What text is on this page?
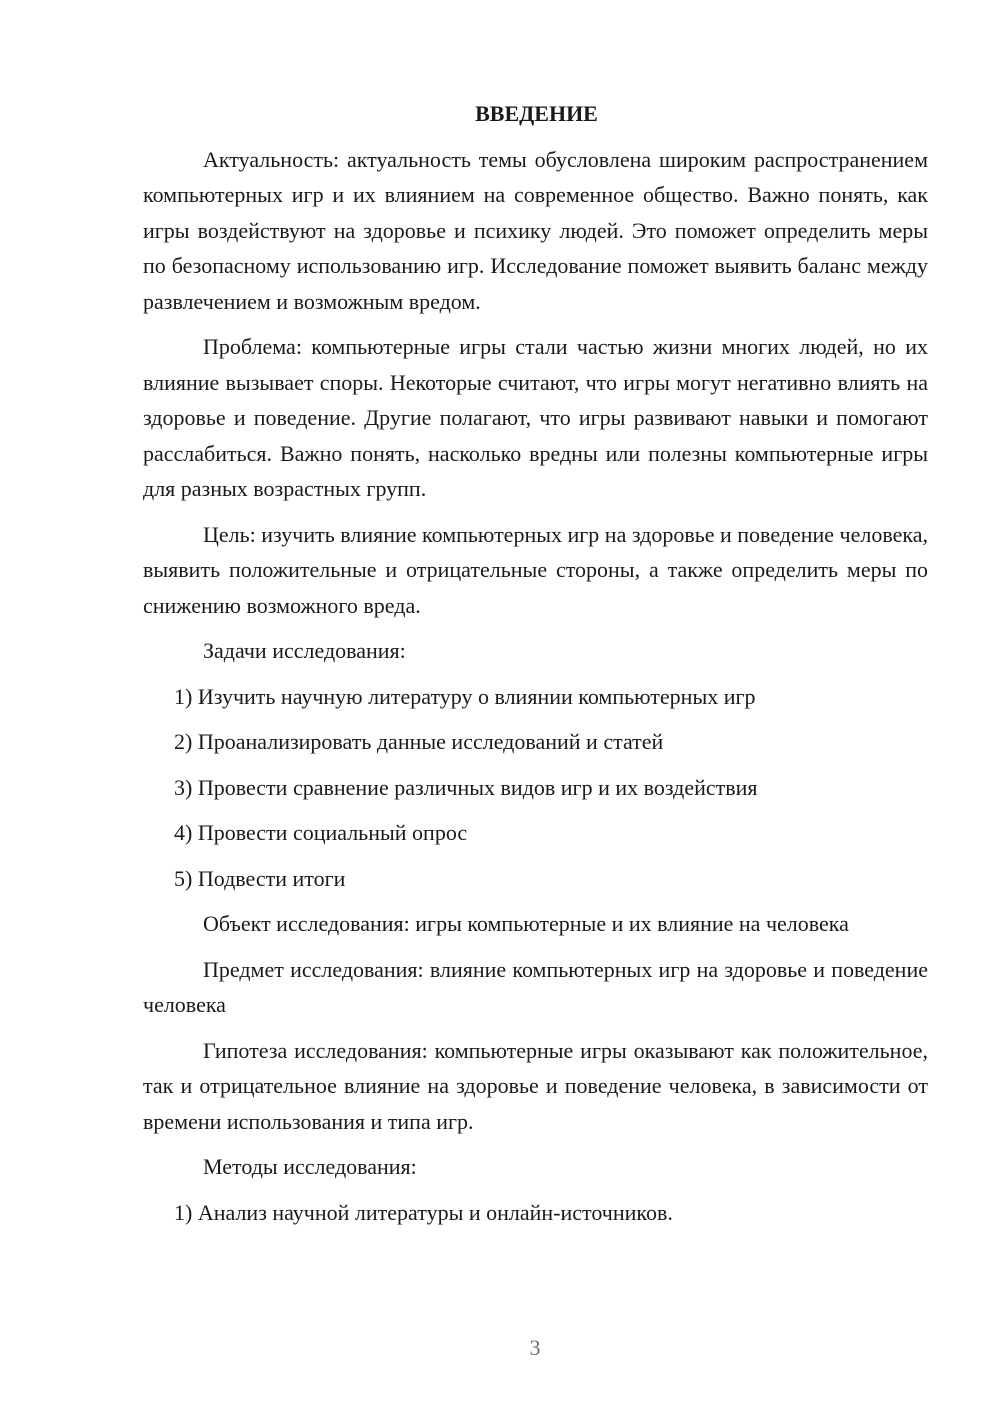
ВВЕДЕНИЕ

Актуальность: актуальность темы обусловлена широким распространением компьютерных игр и их влиянием на современное общество. Важно понять, как игры воздействуют на здоровье и психику людей. Это поможет определить меры по безопасному использованию игр. Исследование поможет выявить баланс между развлечением и возможным вредом.

Проблема: компьютерные игры стали частью жизни многих людей, но их влияние вызывает споры. Некоторые считают, что игры могут негативно влиять на здоровье и поведение. Другие полагают, что игры развивают навыки и помогают расслабиться. Важно понять, насколько вредны или полезны компьютерные игры для разных возрастных групп.

Цель: изучить влияние компьютерных игр на здоровье и поведение человека, выявить положительные и отрицательные стороны, а также определить меры по снижению возможного вреда.

Задачи исследования:

1) Изучить научную литературу о влиянии компьютерных игр

2) Проанализировать данные исследований и статей

3) Провести сравнение различных видов игр и их воздействия

4) Провести социальный опрос

5) Подвести итоги

Объект исследования: игры компьютерные и их влияние на человека

Предмет исследования: влияние компьютерных игр на здоровье и поведение человека

Гипотеза исследования: компьютерные игры оказывают как положительное, так и отрицательное влияние на здоровье и поведение человека, в зависимости от времени использования и типа игр.

Методы исследования:

1) Анализ научной литературы и онлайн-источников.

3
